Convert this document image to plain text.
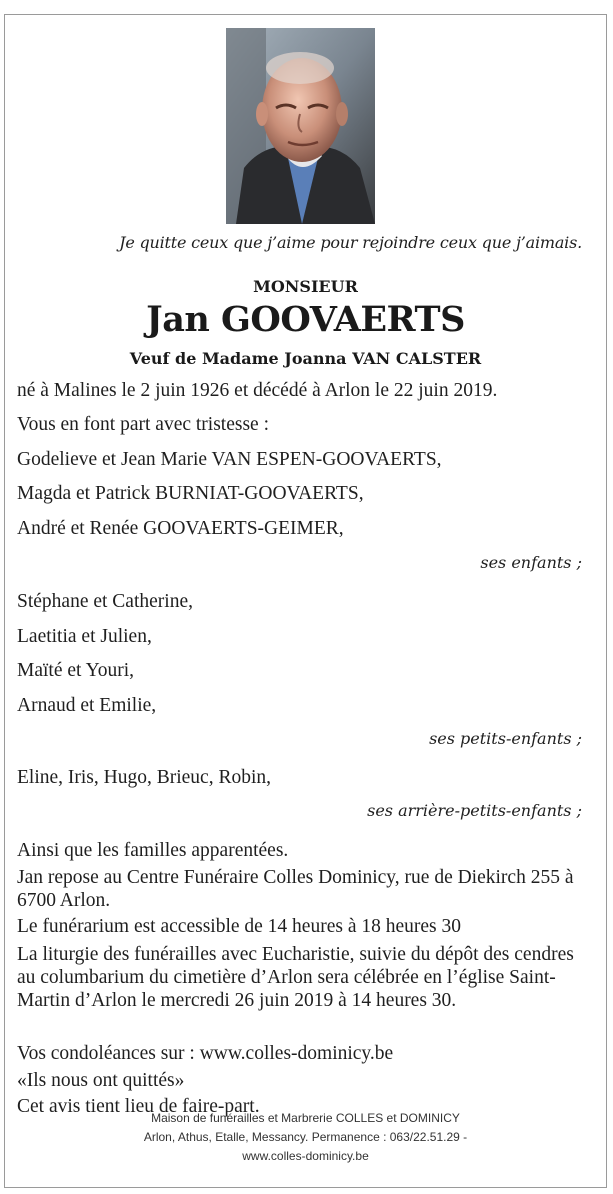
Je quitte ceux que j’aime pour rejoindre ceux que j’aimais.
MONSIEUR
Jan GOOVAERTS
Veuf de Madame Joanna VAN CALSTER
né à Malines le 2 juin 1926 et décédé à Arlon le 22 juin 2019.
Vous en font part avec tristesse :
Godelieve et Jean Marie VAN ESPEN-GOOVAERTS,
Magda et Patrick BURNIAT-GOOVAERTS,
André et Renée GOOVAERTS-GEIMER,
ses enfants ;
Stéphane et Catherine,
Laetitia et Julien,
Maïté et Youri,
Arnaud et Emilie,
ses petits-enfants ;
Eline, Iris, Hugo, Brieuc, Robin,
ses arrière-petits-enfants ;
Ainsi que les familles apparentées.
Jan repose au Centre Funéraire Colles Dominicy, rue de Diekirch 255 à 6700 Arlon.
Le funérarium est accessible de 14 heures à 18 heures 30
La liturgie des funérailles avec Eucharistie, suivie du dépôt des cendres au columbarium du cimetière d’Arlon sera célébrée en l’église Saint-Martin d’Arlon le mercredi 26 juin 2019 à 14 heures 30.
Vos condoléances sur : www.colles-dominicy.be
«Ils nous ont quittés»
Cet avis tient lieu de faire-part.
Maison de funérailles et Marbrerie COLLES et DOMINICY
Arlon, Athus, Etalle, Messancy. Permanence : 063/22.51.29 -
www.colles-dominicy.be
